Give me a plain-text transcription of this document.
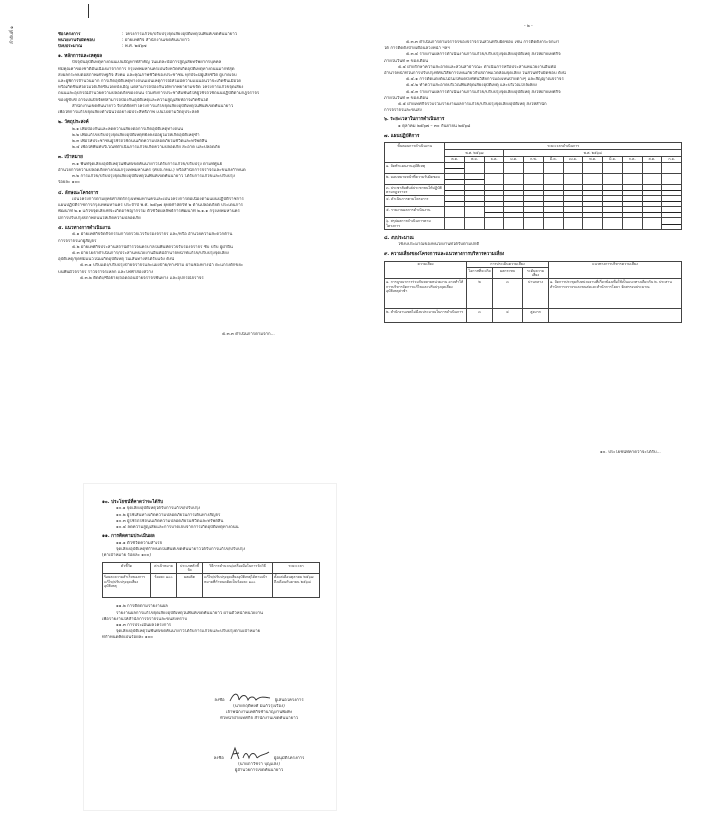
ลำดับที่ ๑	ชื่อโครงการ	: โครงการแก้ไข/ปรับปรุงจุดเสี่ยงอุบัติเหตุในพื้นที่เขตคันนายาว
หน่วยงานรับผิดชอบ	: ฝ่ายเทศกิจ สำนักงานเขตคันนายาว
ปีงบประมาณ	: พ.ศ. ๒๕๖๗
๑. หลักการและเหตุผล
ปัจจุบันอุบัติเหตุทางถนนเป็นปัญหาที่สำคัญ ในแต่ละปีมีการสูญเสียทรัพยากรบุคคล
ที่มีคุณค่าของชาติอันเนื่องมาจากการ กรุงเทพมหานครเป็นจังหวัดที่เกิดอุบัติเหตุทางถนนมากที่สุด
ส่งผลกระทบต่อสภาพเศรษฐกิจ สังคม และคุณภาพชีวิตของประชาชน ทุกปีจะมีผู้เสียชีวิต ผู้บาดเจ็บ
และผู้พิการจำนวนมาก การเกิดอุบัติเหตุทางถนนเป็นเหตุการณ์ที่ไม่มีความแน่นอนว่าจะเกิดขึ้นเมื่อใด
หรือเกิดขึ้นที่ใดไม่ได้เกิดขึ้นโดยบังเอิญ แต่สามารถป้องกันได้หากพยายามขจัด โครงการแก้ไขจุดเสี่ยง
ถนนและอุปกรณ์อำนวยความปลอดภัยของถนน รวมทั้งการประชาสัมพันธ์ให้ผู้ใช้รถใช้ถนนปฏิบัติตามกฎจราจร
ของผู้ขับขี่ อาจเป็นปัจจัยที่สามารถป้องกันอุบัติเหตุและความสูญเสียที่อาจเกิดขึ้นได้
สำนักงานเขตคันนายาว จึงได้จัดทำโครงการแก้ไขจุดเสี่ยงอุบัติเหตุในพื้นที่เขตคันนายาว
เพื่อให้การแก้ไขจุดเสี่ยงดำเนินไปอย่างมีประสิทธิภาพ เป็นไปตามวัตถุประสงค์
๒. วัตถุประสงค์
๒.๑ เพื่อป้องกันและลดความเสี่ยงต่อการเกิดอุบัติเหตุทางถนน
๒.๒ เพื่อแก้ไขปรับปรุงจุดเสี่ยงอุบัติเหตุที่ยังคงมีอยู่ไม่ให้เกิดอุบัติเหตุซ้ำ
๒.๓ เพื่อให้ประชาชนผู้ใช้รถใช้ถนนเกิดความปลอดภัยในชีวิตและทรัพย์สิน
๒.๔ เพื่อให้พื้นที่บริเวณที่ดำเนินการแก้ไขเกิดความปลอดภัย สะอาด และปลอดภัย
๓. เป้าหมาย
๓.๑ พื้นที่จุดเสี่ยงอุบัติเหตุในพื้นที่เขตคันนายาวได้รับการแก้ไข/ปรับปรุง ตามที่ศูนย์
อำนวยการความปลอดภัยทางถนนกรุงเทพมหานคร (ศปถ.กทม.) หรือสำนักการจราจรและขนส่งกำหนด
๓.๒ การแก้ไข/ปรับปรุงจุดเสี่ยงอุบัติเหตุในพื้นที่เขตคันนายาว ได้รับการแก้ไขและปรับปรุง
ร้อยละ ๑๐๐
๔. ลักษณะโครงการ
เป็นโครงการตามยุทธศาสตร์กรุงเทพมหานครและเป็นโครงการต่อเนื่องตามแผนปฏิบัติราชการ
แผนปฏิบัติราชการกรุงเทพมหานคร ประจำปี พ.ศ. ๒๕๖๗ ยุทธศาสตร์ที่ ๒ ด้านปลอดภัยดี ประเด็นการ
พัฒนาที่ ๒.๑ แก้ไขจุดเสี่ยงที่จะเกิดอาชญากรรม ตัวชี้วัดผลลัพธ์การพัฒนาที่ ๒.๑.๑ กรุงเทพมหานคร
มีการปรับปรุงสภาพถนนให้เกิดความปลอดภัย
๕. แนวทางการดำเนินงาน
๕.๑ ฝ่ายเทศกิจจัดกิจกรรมการตรวจเวรรับรองจราจร และ/หรือ อำนวยความสะดวกด้าน
การจราจรแก่ผู้สัญจร
๕.๒ ฝ่ายเทศกิจประสานสถานีตำรวจนครบาลในพื้นที่ตรวจรับรองจราจร ซับ ปรับ ผู้ฝ่าฝืน
๕.๓ ฝ่ายโยธาดำเนินการ/ประสานหน่วยงานอื่นที่มีอำนาจหน้าที่แก้ไข/ปรับปรุงจุดเสี่ยง
อุบัติเหตุ/จุดที่มีแนวโน้มเกิดอุบัติเหตุ ในเส้นทางที่ได้รับแจ้ง ดังนี้
๕.๓.๑ ปรับแต่ง/ปรับปรุงป้ายจราจรและแผงป้าย/ทางข้าม ผ่านช่องทางน้ำ ตะแกรงดักขยะ
บนพื้นผิวจราจร ราวจราจรเหล็ก และไฟฟ้าส่องสว่าง
๕.๓.๒ ติดตั้ง/ซื้อย้าย/ถอดถอนป้ายจราจรพื้นทาง และอุปกรณ์จราจร
๕.๓.๓ ดำเนินการตามจาก...
- ๒ -
๕.๓.๓ ดำเนินการตามจราจรของจราจรในส่วนที่รับผิดชอบ เช่น การติดตั้งกระจกเงา
ได้ การติดตั้งป้ายเตือนล่วงหน้า ฯลฯ
๕.๓.๔ รายงานผลการดำเนินงานการแก้ไข/ปรับปรุงจุดเสี่ยงอุบัติเหตุ ส่งให้ฝ่ายเทศกิจ
ภายในวันที่ ๓ ของเดือน
๕.๔ ฝ่ายรักษาความสะอาดและสวนสาธารณะ ดำเนินการหรือประสานหน่วยงานอื่นที่มี
อำนาจหน้าที่ในการปรับปรุงทัศนวิสัยการเห็นเกี่ยวกับสภาพแวดล้อมจุดเสี่ยง ในส่วนที่รับผิดชอบ ดังนี้
๕.๔.๑ การตัดแต่งต้นไม้ไม่ให้บดบังทัศนวิสัยการมองเห็นป้ายต่างๆ และสัญญาณจราจร
๕.๔.๒ ทำความสะอาดบริเวณพื้นที่จุดเสี่ยงอุบัติเหตุ และบริเวณใกล้เคียง
๕.๔.๓ รายงานผลการดำเนินงานการแก้ไข/ปรับปรุงจุดเสี่ยงอุบัติเหตุ ส่งให้ฝ่ายเทศกิจ
ภายในวันที่ ๓ ของเดือน
๕.๕ ฝ่ายเทศกิจรวบรวมรายงานผลการแก้ไข/ปรับปรุงจุดเสี่ยงอุบัติเหตุ ส่งให้สำนัก
การจราจรและขนส่ง
๖. ระยะเวลาในการดำเนินการ
๑ ตุลาคม ๒๕๖๗ – ๓๐ กันยายน ๒๕๖๘
๗. แผนปฏิบัติการ
ขั้นตอนการดำเนินงาน	ระยะเวลาดำเนินการ											
	พ.ศ. ๒๕๖๗			พ.ศ. ๒๕๖๘								
	ต.ค.	พ.ย.	ธ.ค.	ม.ค.	ก.พ.	มี.ค.	เม.ย.	พ.ค.	มิ.ย.	ก.ค.	ส.ค.	ก.ย.
๑. จัดทำแผนงานอุบัติเหตุ	

๒. มอบหมายหน้าที่ความรับผิดชอบ	

๓. ประชาสัมพันธ์ประชาชนให้ปฏิบัติตามกฎจราจร	

๔. ดำเนินการตามโครงการ	

๕. รายงานผลการดำเนินงาน			

๖. สรุปผลการดำเนินการตามโครงการ												
๘. งบประมาณ
ใช้งบประมาณของหน่วยงานที่ได้รับตามปกติ
๙. ความเสี่ยงของโครงการและแนวทางการบริหารความเสี่ยง
ความเสี่ยง	การประเมินความเสี่ยง			แนวทางการบริหารความเสี่ยง
	โอกาสที่จะเกิด	ผลกระทบ	ระดับความเสี่ยง	
๑. การบูรณาการร่วมกันหลายหน่วยงาน อาจทำให้การบริหารจัดการแก้ไขและปรับปรุงจุดเสี่ยงอุบัติเหตุล่าช้า	๒	๓	ปานกลาง	๑. จัดการประชุมกับหน่วยงานที่เกี่ยวข้องเพื่อใช้เป็นแนวทางเดียวกัน ๒. ประสานสำนักการจราจรและขนส่งและสำนักการโยธา จัดสรรงบประมาณ
๒. สำนักงานเขตไม่มีงบประมาณในการดำเนินการ	๓	๔	สูงมาก	
๑๐. ประโยชน์ที่คาดว่าจะได้รับ...
๑๐. ประโยชน์ที่คาดว่าจะได้รับ
๑๐.๑ จุดเสี่ยงอุบัติเหตุได้รับการแก้ไข/ปรับปรุง
๑๐.๒ ผู้ใช้เส้นทางเกิดความปลอดภัยในการเดินทางสัญจร
๑๐.๓ ผู้ใช้รถใช้ถนนเกิดความปลอดภัยในชีวิตและทรัพย์สิน
๑๐.๔ ลดความสูญเสียและการบาดเจ็บจากการเกิดอุบัติเหตุทางถนน
๑๑. การติดตามประเมินผล
๑๑.๑ ตัวชี้วัดความสำเร็จ
จุดเสี่ยงอุบัติเหตุที่กำหนดในพื้นที่เขตคันนายาวได้รับการแก้ไข/ปรับปรุง
(ค่าเป้าหมาย ร้อยละ ๑๐๐)
ตัวชี้วัด	ค่าเป้าหมาย	ประเภทตัวชี้วัด	วิธีการคำนวณ/เครื่องมือในการวัดวิธี	ระยะเวลา
ร้อยละความสำเร็จของการแก้ไข/ปรับปรุงจุดเสี่ยงอุบัติเหตุ	ร้อยละ ๑๐๐	ผลผลิต	แก้ไข/ปรับปรุงจุดเสี่ยงอุบัติเหตุได้ตามเป้าหมายที่กำหนดคิดเป็นร้อยละ ๑๐๐	ตั้งแต่เดือนตุลาคม ๒๕๖๗ ถึงเดือนกันยายน ๒๕๖๘
๑๑.๒ การติดตามรายงานผล
รายงานผลการแก้ไขจุดเสี่ยงอุบัติเหตุในพื้นที่เขตคันนายาว ผ่านตัวหน้าหน่วยงาน
เพื่อรายงานให้สำนักการจราจรและขนส่งทราบ
๑๑.๓ การประเมินผลโครงการ
จุดเสี่ยงอุบัติเหตุในพื้นที่เขตคันนายาวได้รับการแก้ไขและปรับปรุงตามเป้าหมาย
ที่กำหนดคิดเป็นร้อยละ ๑๐๐
ลงชื่อ	ผู้เสนอโครงการ
(นายกฤติพงศ์ มีแก้วรุ่งเรือง)
เจ้าพนักงานเทศกิจชำนาญงานพิเศษ
หัวหน้าฝ่ายเทศกิจ สำนักงานเขตคันนายาว
ลงชื่อ	ผู้อนุมัติโครงการ
(นายภาวัชรา บุญแสง)
ผู้อำนวยการเขตคันนายาว
